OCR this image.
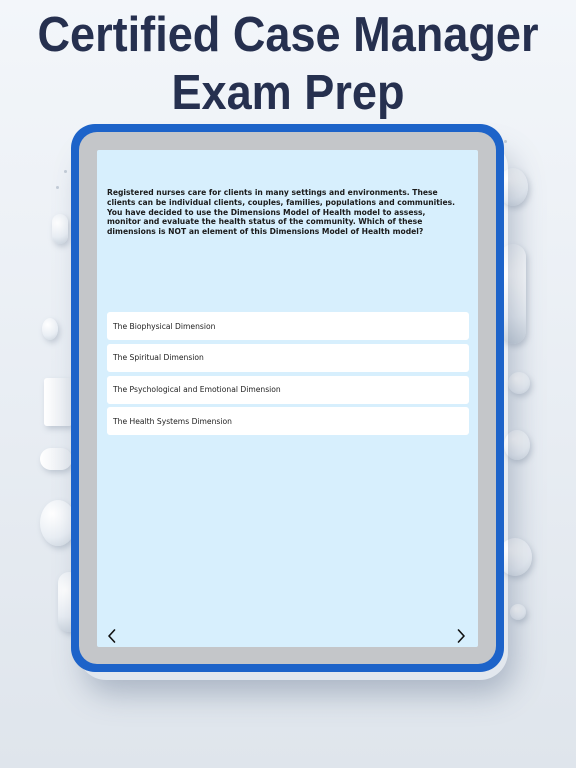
Certified Case Manager
Exam Prep
Registered nurses care for clients in many settings and environments. These clients can be individual clients, couples, families, populations and communities. You have decided to use the Dimensions Model of Health model to assess, monitor and evaluate the health status of the community. Which of these dimensions is NOT an element of this Dimensions Model of Health model?
The Biophysical Dimension
The Spiritual Dimension
The Psychological and Emotional Dimension
The Health Systems Dimension
